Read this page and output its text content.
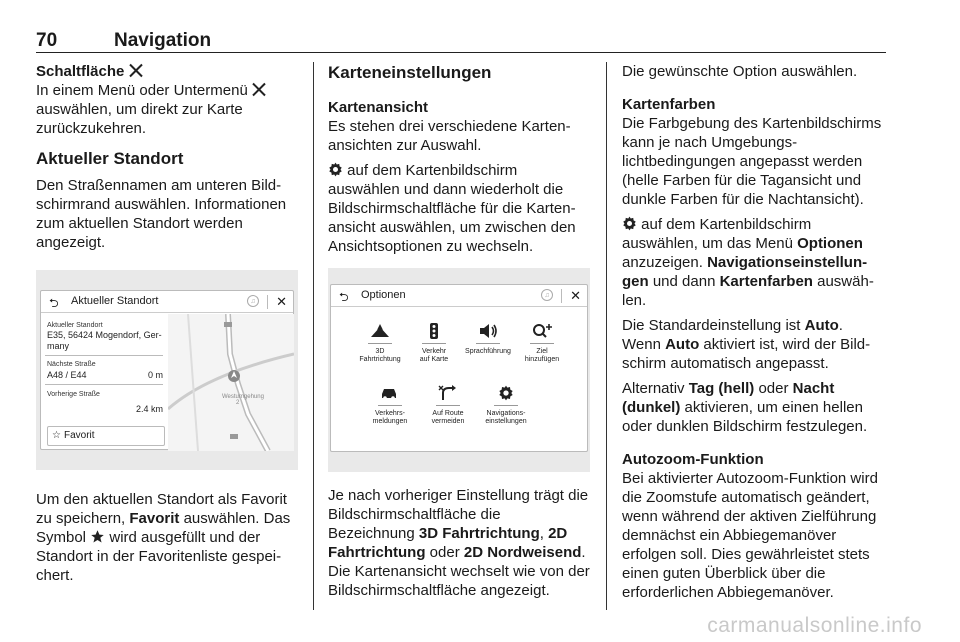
70	Navigation
Schaltfläche

In einem Menü oder Untermenü  auswählen, um direkt zur Karte zurückzukehren.

Aktueller Standort

Den Straßennamen am unteren Bildschirmrand auswählen. Informationen zum aktuellen Standort werden angezeigt.

⮌ Aktueller Standort	♫ ✕
Aktueller Standort
E35, 56424 Mogendorf, Ger-many
Nächste Straße
A48 / E44	0 m
Vorherige Straße
2.4 km
☆ Favorit
Westumgehung
2

Um den aktuellen Standort als Favorit zu speichern, Favorit auswählen. Das Symbol wird ausgefüllt und der Standort in der Favoritenliste gespeichert.

Karteneinstellungen
Kartenansicht

Es stehen drei verschiedene Kartenansichten zur Auswahl.

auf dem Kartenbildschirm auswählen und dann wiederholt die Bildschirmschaltfläche für die Kartenansicht auswählen, um zwischen den Ansichtsoptionen zu wechseln.

⮌ Optionen	♫ ✕
3D
Fahrtrichtung
Verkehr
auf Karte
Sprachführung	Ziel
hinzufügen
Verkehrs-
meldungen
Auf Route
vermeiden
Navigations-
einstellungen

Je nach vorheriger Einstellung trägt die Bildschirmschaltfläche die Bezeichnung 3D Fahrtrichtung, 2D Fahrtrichtung oder 2D Nordweisend. Die Kartenansicht wechselt wie von der Bildschirmschaltfläche angezeigt.

Die gewünschte Option auswählen.

Kartenfarben

Die Farbgebung des Kartenbildschirms kann je nach Umgebungslichtbedingungen angepasst werden (helle Farben für die Tagansicht und dunkle Farben für die Nachtansicht).

auf dem Kartenbildschirm auswählen, um das Menü Optionen anzuzeigen. Navigationseinstellungen und dann Kartenfarben auswählen.

Die Standardeinstellung ist Auto. Wenn Auto aktiviert ist, wird der Bildschirm automatisch angepasst.

Alternativ Tag (hell) oder Nacht (dunkel) aktivieren, um einen hellen oder dunklen Bildschirm festzulegen.

Autozoom-Funktion

Bei aktivierter Autozoom-Funktion wird die Zoomstufe automatisch geändert, wenn während der aktiven Zielführung demnächst ein Abbiegemanöver erfolgen soll. Dies gewährleistet stets einen guten Überblick über die erforderlichen Abbiegemanöver.

carmanualsonline.info
